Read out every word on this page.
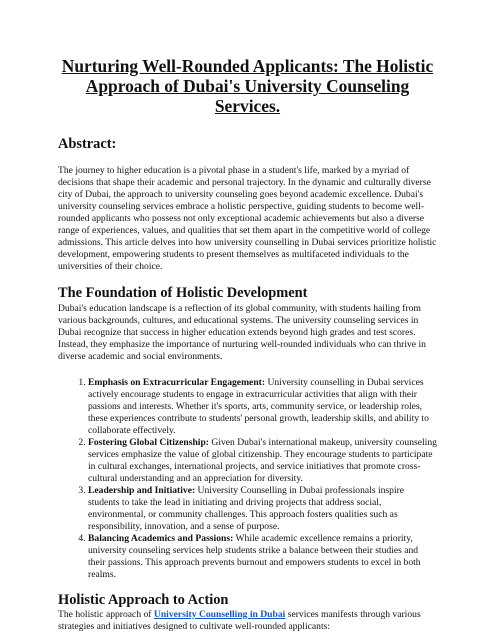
Nurturing Well-Rounded Applicants: The Holistic Approach of Dubai's University Counseling Services.
Abstract:

The journey to higher education is a pivotal phase in a student's life, marked by a myriad of decisions that shape their academic and personal trajectory. In the dynamic and culturally diverse city of Dubai, the approach to university counseling goes beyond academic excellence. Dubai's university counseling services embrace a holistic perspective, guiding students to become well-rounded applicants who possess not only exceptional academic achievements but also a diverse range of experiences, values, and qualities that set them apart in the competitive world of college admissions. This article delves into how university counselling in Dubai services prioritize holistic development, empowering students to present themselves as multifaceted individuals to the universities of their choice.

The Foundation of Holistic Development

Dubai's education landscape is a reflection of its global community, with students hailing from various backgrounds, cultures, and educational systems. The university counseling services in Dubai recognize that success in higher education extends beyond high grades and test scores. Instead, they emphasize the importance of nurturing well-rounded individuals who can thrive in diverse academic and social environments.

1. Emphasis on Extracurricular Engagement: University counselling in Dubai services actively encourage students to engage in extracurricular activities that align with their passions and interests. Whether it's sports, arts, community service, or leadership roles, these experiences contribute to students' personal growth, leadership skills, and ability to collaborate effectively.
2. Fostering Global Citizenship: Given Dubai's international makeup, university counseling services emphasize the value of global citizenship. They encourage students to participate in cultural exchanges, international projects, and service initiatives that promote cross-cultural understanding and an appreciation for diversity.
3. Leadership and Initiative: University Counselling in Dubai professionals inspire students to take the lead in initiating and driving projects that address social, environmental, or community challenges. This approach fosters qualities such as responsibility, innovation, and a sense of purpose.
4. Balancing Academics and Passions: While academic excellence remains a priority, university counseling services help students strike a balance between their studies and their passions. This approach prevents burnout and empowers students to excel in both realms.
Holistic Approach to Action

The holistic approach of University Counselling in Dubai services manifests through various strategies and initiatives designed to cultivate well-rounded applicants:
